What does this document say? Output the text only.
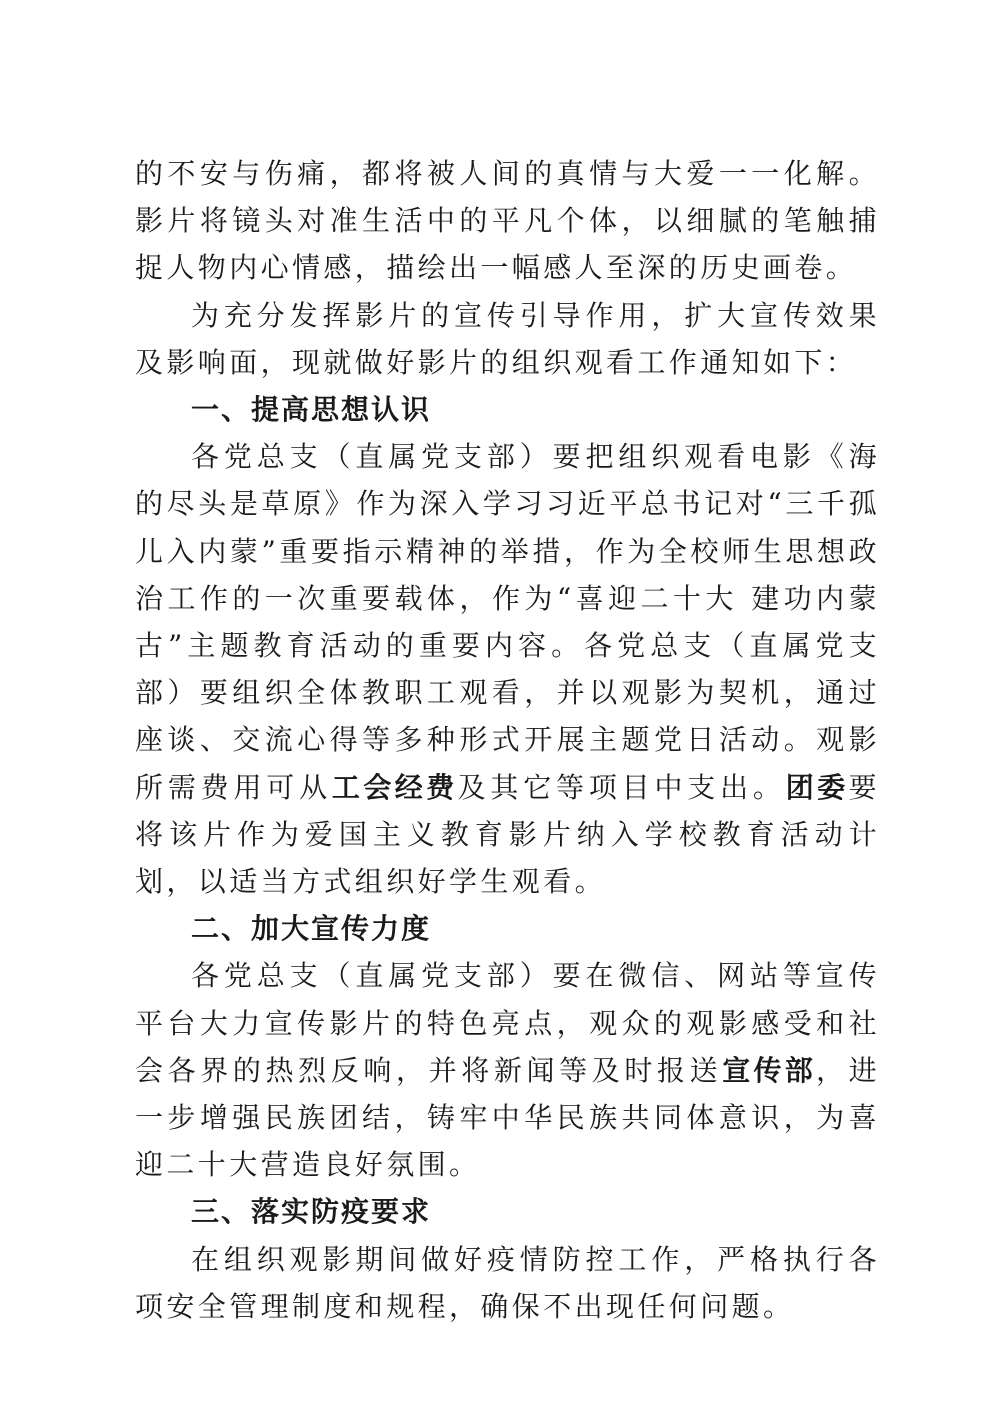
的不安与伤痛，都将被人间的真情与大爱一一化解。影片将镜头对准生活中的平凡个体，以细腻的笔触捕捉人物内心情感，描绘出一幅感人至深的历史画卷。

为充分发挥影片的宣传引导作用，扩大宣传效果及影响面，现就做好影片的组织观看工作通知如下：

一、提高思想认识

各党总支（直属党支部）要把组织观看电影《海的尽头是草原》作为深入学习习近平总书记对“三千孤儿入内蒙”重要指示精神的举措，作为全校师生思想政治工作的一次重要载体，作为“喜迎二十大 建功内蒙古”主题教育活动的重要内容。各党总支（直属党支部）要组织全体教职工观看，并以观影为契机，通过座谈、交流心得等多种形式开展主题党日活动。观影所需费用可从工会经费及其它等项目中支出。团委要将该片作为爱国主义教育影片纳入学校教育活动计划，以适当方式组织好学生观看。

二、加大宣传力度

各党总支（直属党支部）要在微信、网站等宣传平台大力宣传影片的特色亮点，观众的观影感受和社会各界的热烈反响，并将新闻等及时报送宣传部，进一步增强民族团结，铸牢中华民族共同体意识，为喜迎二十大营造良好氛围。

三、落实防疫要求

在组织观影期间做好疫情防控工作，严格执行各项安全管理制度和规程，确保不出现任何问题。
